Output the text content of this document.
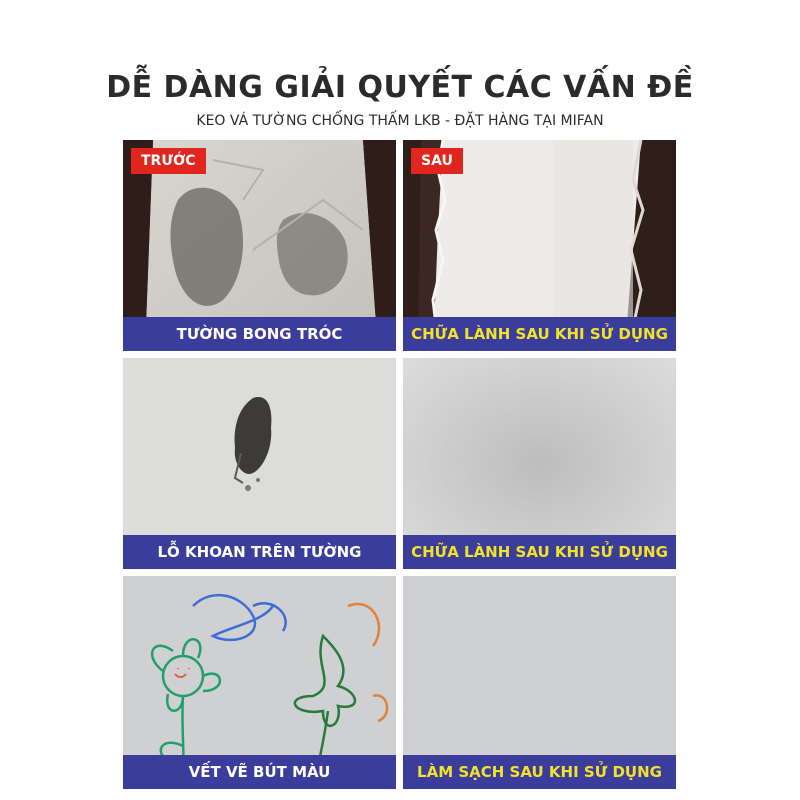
DỄ DÀNG GIẢI QUYẾT CÁC VẤN ĐỀ
KEO VÁ TƯỜNG CHỐNG THẤM LKB - ĐẶT HÀNG TẠI MIFAN
TRƯỚC
TƯỜNG BONG TRÓC
SAU
CHỮA LÀNH SAU KHI SỬ DỤNG
LỖ KHOAN TRÊN TƯỜNG	CHỮA LÀNH SAU KHI SỬ DỤNG
VẾT VẼ BÚT MÀU	LÀM SẠCH SAU KHI SỬ DỤNG
